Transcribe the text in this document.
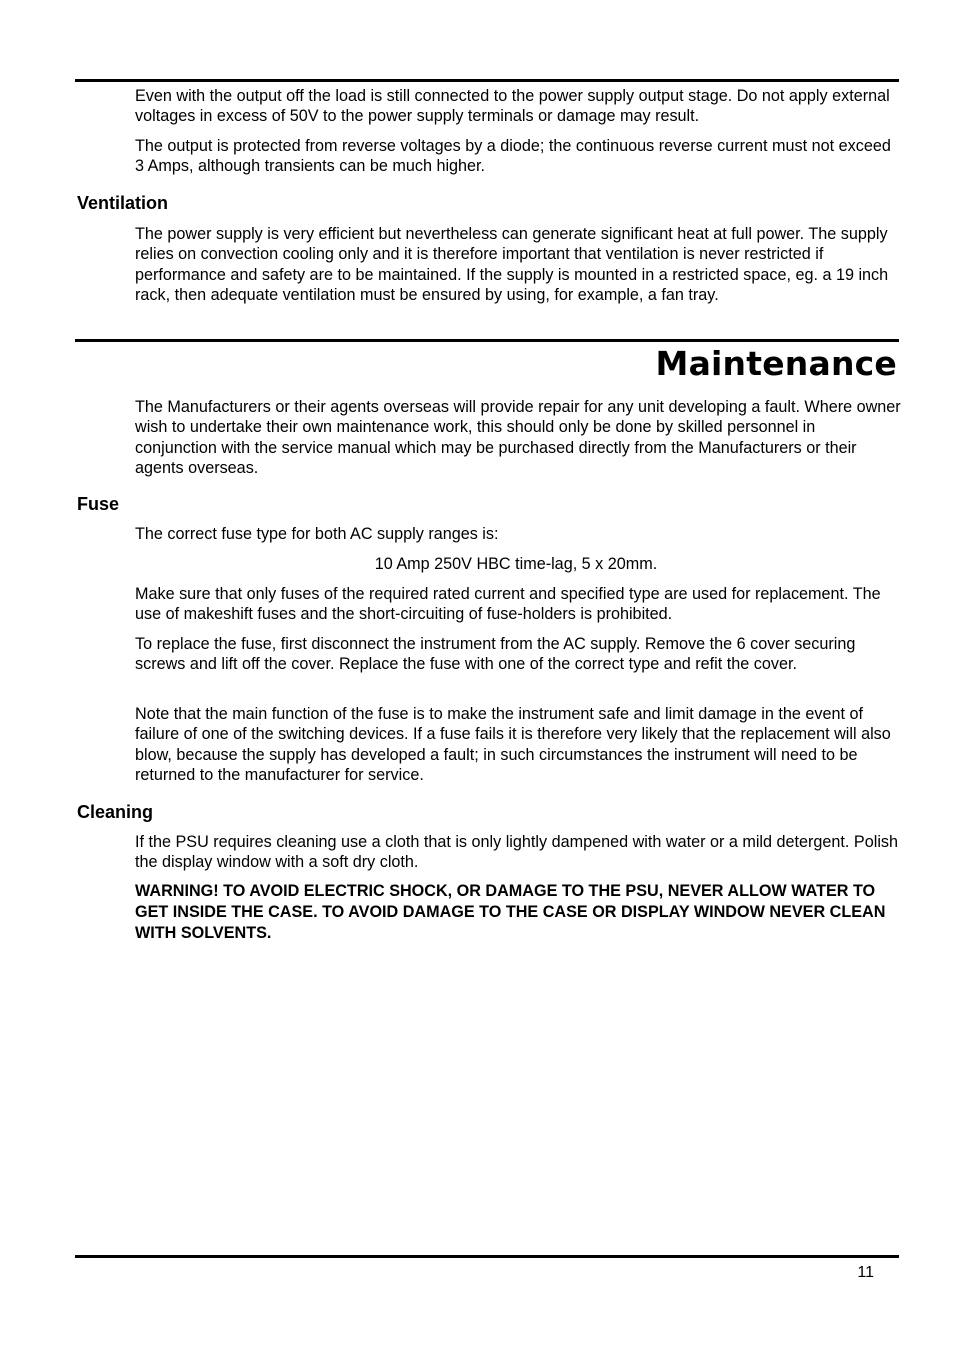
Even with the output off the load is still connected to the power supply output stage. Do not apply external voltages in excess of 50V to the power supply terminals or damage may result.

The output is protected from reverse voltages by a diode; the continuous reverse current must not exceed 3 Amps, although transients can be much higher.

Ventilation

The power supply is very efficient but nevertheless can generate significant heat at full power. The supply relies on convection cooling only and it is therefore important that ventilation is never restricted if performance and safety are to be maintained. If the supply is mounted in a restricted space, eg. a 19 inch rack, then adequate ventilation must be ensured by using, for example, a fan tray.

Maintenance

The Manufacturers or their agents overseas will provide repair for any unit developing a fault. Where owner wish to undertake their own maintenance work, this should only be done by skilled personnel in conjunction with the service manual which may be purchased directly from the Manufacturers or their agents overseas.

Fuse

The correct fuse type for both AC supply ranges is:

10 Amp 250V HBC time-lag, 5 x 20mm.

Make sure that only fuses of the required rated current and specified type are used for replacement. The use of makeshift fuses and the short-circuiting of fuse-holders is prohibited.

To replace the fuse, first disconnect the instrument from the AC supply. Remove the 6 cover securing screws and lift off the cover. Replace the fuse with one of the correct type and refit the cover.

Note that the main function of the fuse is to make the instrument safe and limit damage in the event of failure of one of the switching devices. If a fuse fails it is therefore very likely that the replacement will also blow, because the supply has developed a fault; in such circumstances the instrument will need to be returned to the manufacturer for service.

Cleaning

If the PSU requires cleaning use a cloth that is only lightly dampened with water or a mild detergent. Polish the display window with a soft dry cloth.

WARNING! TO AVOID ELECTRIC SHOCK, OR DAMAGE TO THE PSU, NEVER ALLOW WATER TO GET INSIDE THE CASE. TO AVOID DAMAGE TO THE CASE OR DISPLAY WINDOW NEVER CLEAN WITH SOLVENTS.

11
